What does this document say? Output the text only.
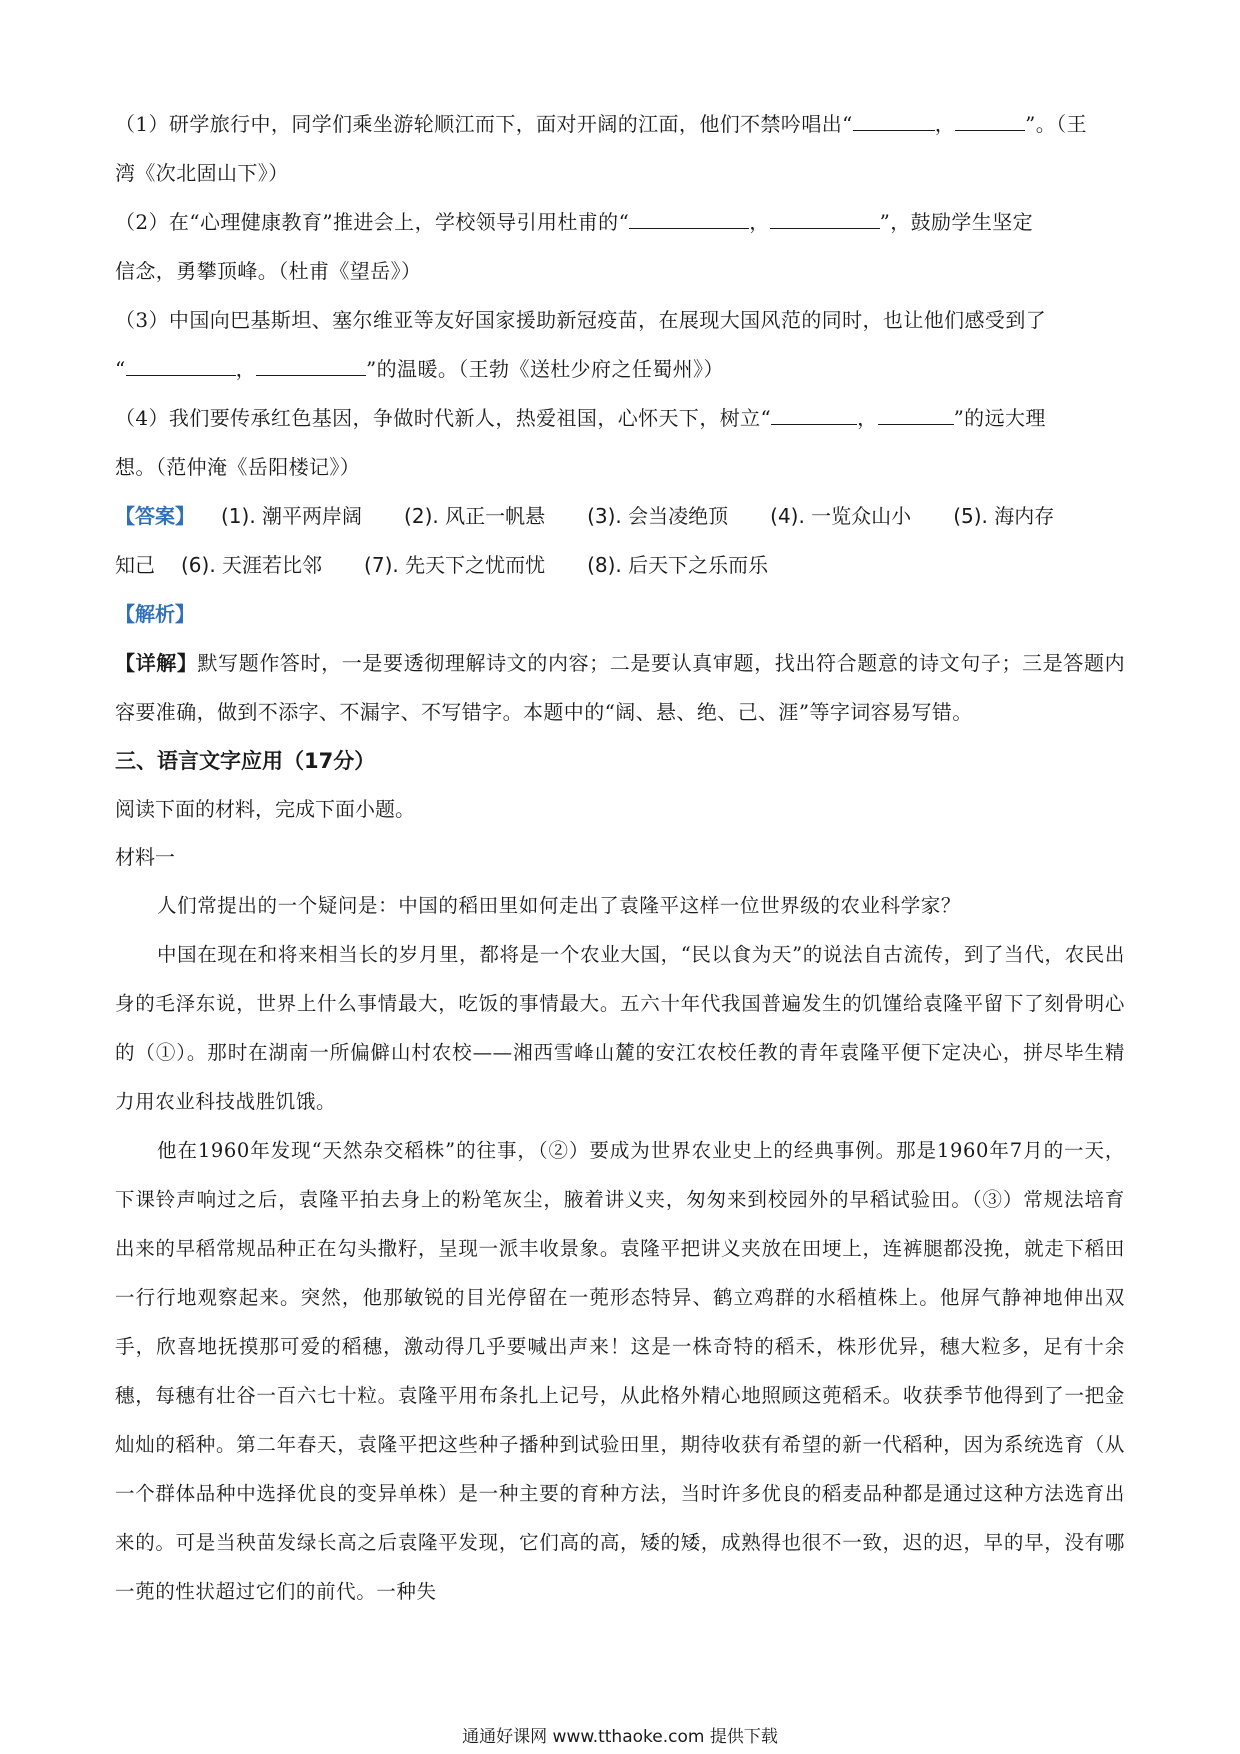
（1）研学旅行中，同学们乘坐游轮顺江而下，面对开阔的江面，他们不禁吟唱出“	，	”。（王

湾《次北固山下》）

（2）在“心理健康教育”推进会上，学校领导引用杜甫的“	，	”，鼓励学生坚定

信念，勇攀顶峰。（杜甫《望岳》）

（3）中国向巴基斯坦、塞尔维亚等友好国家援助新冠疫苗，在展现大国风范的同时，也让他们感受到了

“	，	”的温暖。（王勃《送杜少府之任蜀州》）

（4）我们要传承红色基因，争做时代新人，热爱祖国，心怀天下，树立“	，	”的远大理

想。（范仲淹《岳阳楼记》）

【答案】 (1). 潮平两岸阔 (2). 风正一帆悬 (3). 会当凌绝顶 (4). 一览众山小 (5). 海内存

知己 (6). 天涯若比邻 (7). 先天下之忧而忧 (8). 后天下之乐而乐

【解析】

【详解】默写题作答时，一是要透彻理解诗文的内容；二是要认真审题，找出符合题意的诗文句子；三是答题内容要准确，做到不添字、不漏字、不写错字。本题中的“阔、悬、绝、己、涯”等字词容易写错。

三、语言文字应用（17分）

阅读下面的材料，完成下面小题。

材料一

人们常提出的一个疑问是：中国的稻田里如何走出了袁隆平这样一位世界级的农业科学家？

中国在现在和将来相当长的岁月里，都将是一个农业大国，“民以食为天”的说法自古流传，到了当代，农民出身的毛泽东说，世界上什么事情最大，吃饭的事情最大。五六十年代我国普遍发生的饥馑给袁隆平留下了刻骨明心的（①）。那时在湖南一所偏僻山村农校——湘西雪峰山麓的安江农校任教的青年袁隆平便下定决心，拼尽毕生精力用农业科技战胜饥饿。

他在1960年发现“天然杂交稻株”的往事，（②）要成为世界农业史上的经典事例。那是1960年7月的一天，下课铃声响过之后，袁隆平拍去身上的粉笔灰尘，腋着讲义夹，匆匆来到校园外的早稻试验田。（③）常规法培育出来的早稻常规品种正在勾头撒籽，呈现一派丰收景象。袁隆平把讲义夹放在田埂上，连裤腿都没挽，就走下稻田一行行地观察起来。突然，他那敏锐的目光停留在一蔸形态特异、鹤立鸡群的水稻植株上。他屏气静神地伸出双手，欣喜地抚摸那可爱的稻穗，激动得几乎要喊出声来！这是一株奇特的稻禾，株形优异，穗大粒多，足有十余穗，每穗有壮谷一百六七十粒。袁隆平用布条扎上记号，从此格外精心地照顾这蔸稻禾。收获季节他得到了一把金灿灿的稻种。第二年春天，袁隆平把这些种子播种到试验田里，期待收获有希望的新一代稻种，因为系统选育（从一个群体品种中选择优良的变异单株）是一种主要的育种方法，当时许多优良的稻麦品种都是通过这种方法选育出来的。可是当秧苗发绿长高之后袁隆平发现，它们高的高，矮的矮，成熟得也很不一致，迟的迟，早的早，没有哪一蔸的性状超过它们的前代。一种失

通通好课网 www.tthaoke.com 提供下载
